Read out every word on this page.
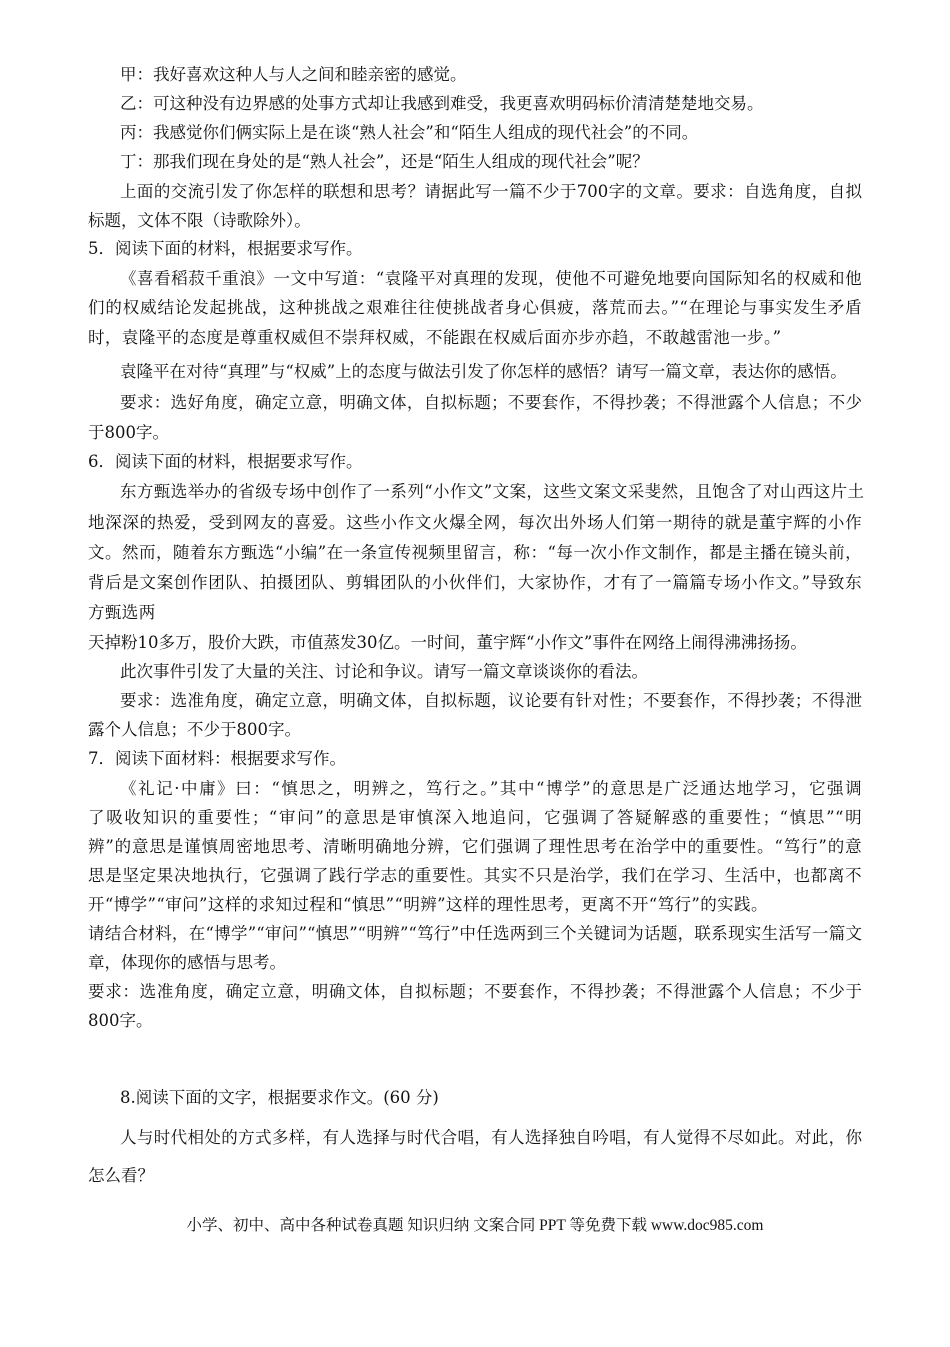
甲：我好喜欢这种人与人之间和睦亲密的感觉。
乙：可这种没有边界感的处事方式却让我感到难受，我更喜欢明码标价清清楚楚地交易。
丙：我感觉你们俩实际上是在谈“熟人社会”和“陌生人组成的现代社会”的不同。
丁：那我们现在身处的是“熟人社会”，还是“陌生人组成的现代社会”呢？
上面的交流引发了你怎样的联想和思考？请据此写一篇不少于700字的文章。要求：自选角度，自拟
标题，文体不限（诗歌除外）。
5．阅读下面的材料，根据要求写作。
《喜看稻菽千重浪》一文中写道：“袁隆平对真理的发现，使他不可避免地要向国际知名的权威和他
们的权威结论发起挑战，这种挑战之艰难往往使挑战者身心俱疲，落荒而去。”“在理论与事实发生矛盾
时，袁隆平的态度是尊重权威但不崇拜权威，不能跟在权威后面亦步亦趋，不敢越雷池一步。”
袁隆平在对待“真理”与“权威”上的态度与做法引发了你怎样的感悟？请写一篇文章，表达你的感悟。
要求：选好角度，确定立意，明确文体，自拟标题；不要套作，不得抄袭；不得泄露个人信息；不少
于800字。
6．阅读下面的材料，根据要求写作。
东方甄选举办的省级专场中创作了一系列“小作文”文案，这些文案文采斐然，且饱含了对山西这片土
地深深的热爱，受到网友的喜爱。这些小作文火爆全网，每次出外场人们第一期待的就是董宇辉的小作
文。然而，随着东方甄选“小编”在一条宣传视频里留言，称：“每一次小作文制作，都是主播在镜头前，
背后是文案创作团队、拍摄团队、剪辑团队的小伙伴们，大家协作，才有了一篇篇专场小作文。”导致东
方甄选两
天掉粉10多万，股价大跌，市值蒸发30亿。一时间，董宇辉“小作文”事件在网络上闹得沸沸扬扬。
此次事件引发了大量的关注、讨论和争议。请写一篇文章谈谈你的看法。
要求：选准角度，确定立意，明确文体，自拟标题，议论要有针对性；不要套作，不得抄袭；不得泄
露个人信息；不少于800字。
7．阅读下面材料：根据要求写作。
《礼记·中庸》曰：“慎思之，明辨之，笃行之。”其中“博学”的意思是广泛通达地学习，它强调
了吸收知识的重要性；“审问”的意思是审慎深入地追问，它强调了答疑解惑的重要性；“慎思”“明
辨”的意思是谨慎周密地思考、清晰明确地分辨，它们强调了理性思考在治学中的重要性。“笃行”的意
思是坚定果决地执行，它强调了践行学志的重要性。其实不只是治学，我们在学习、生活中，也都离不
开“博学”“审问”这样的求知过程和“慎思”“明辨”这样的理性思考，更离不开“笃行”的实践。
请结合材料，在“博学”“审问”“慎思”“明辨”“笃行”中任选两到三个关键词为话题，联系现实生活写一篇文
章，体现你的感悟与思考。
要求：选准角度，确定立意，明确文体，自拟标题；不要套作，不得抄袭；不得泄露个人信息；不少于
800字。
8.阅读下面的文字，根据要求作文。(60 分)
人与时代相处的方式多样，有人选择与时代合唱，有人选择独自吟唱，有人觉得不尽如此。对此，你
怎么看？
小学、初中、高中各种试卷真题 知识归纳 文案合同 PPT 等免费下载 www.doc985.com
